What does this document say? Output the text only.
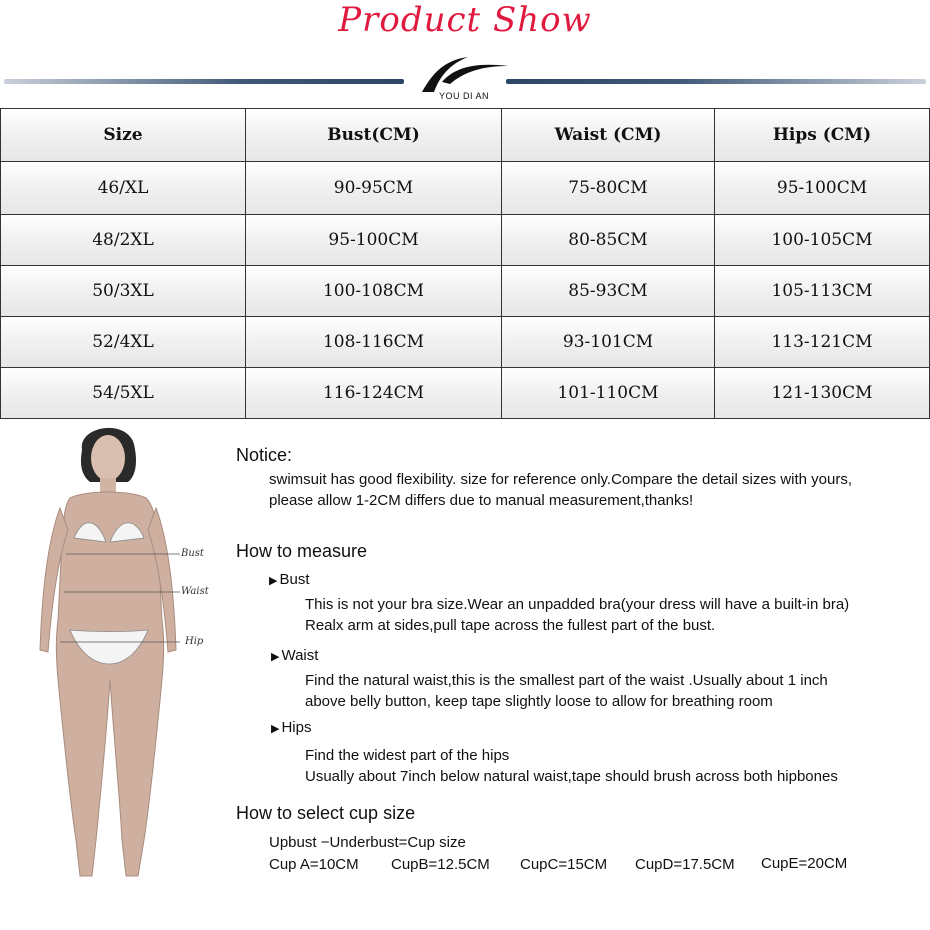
Product Show
YOU DI AN
Size	Bust(CM)	Waist (CM)	Hips (CM)
46/XL	90-95CM	75-80CM	95-100CM
48/2XL	95-100CM	80-85CM	100-105CM
50/3XL	100-108CM	85-93CM	105-113CM
52/4XL	108-116CM	93-101CM	113-121CM
54/5XL	116-124CM	101-110CM	121-130CM
Bust
Waist
Hip
Notice:
swimsuit has good flexibility. size for reference only.Compare the detail sizes with yours,
please allow 1-2CM differs due to manual measurement,thanks!
How to measure
▶ Bust
This is not your bra size.Wear an unpadded bra(your dress will have a built-in bra)
Realx arm at sides,pull tape across the fullest part of the bust.
▶ Waist
Find the natural waist,this is the smallest part of the waist .Usually about 1 inch
above belly button, keep tape slightly loose to allow for breathing room
▶ Hips
Find the widest part of the hips
Usually about 7inch below natural waist,tape should brush across both hipbones
How to select cup size
Upbust −Underbust=Cup size
Cup A=10CM CupB=12.5CM CupC=15CM CupD=17.5CM CupE=20CM
